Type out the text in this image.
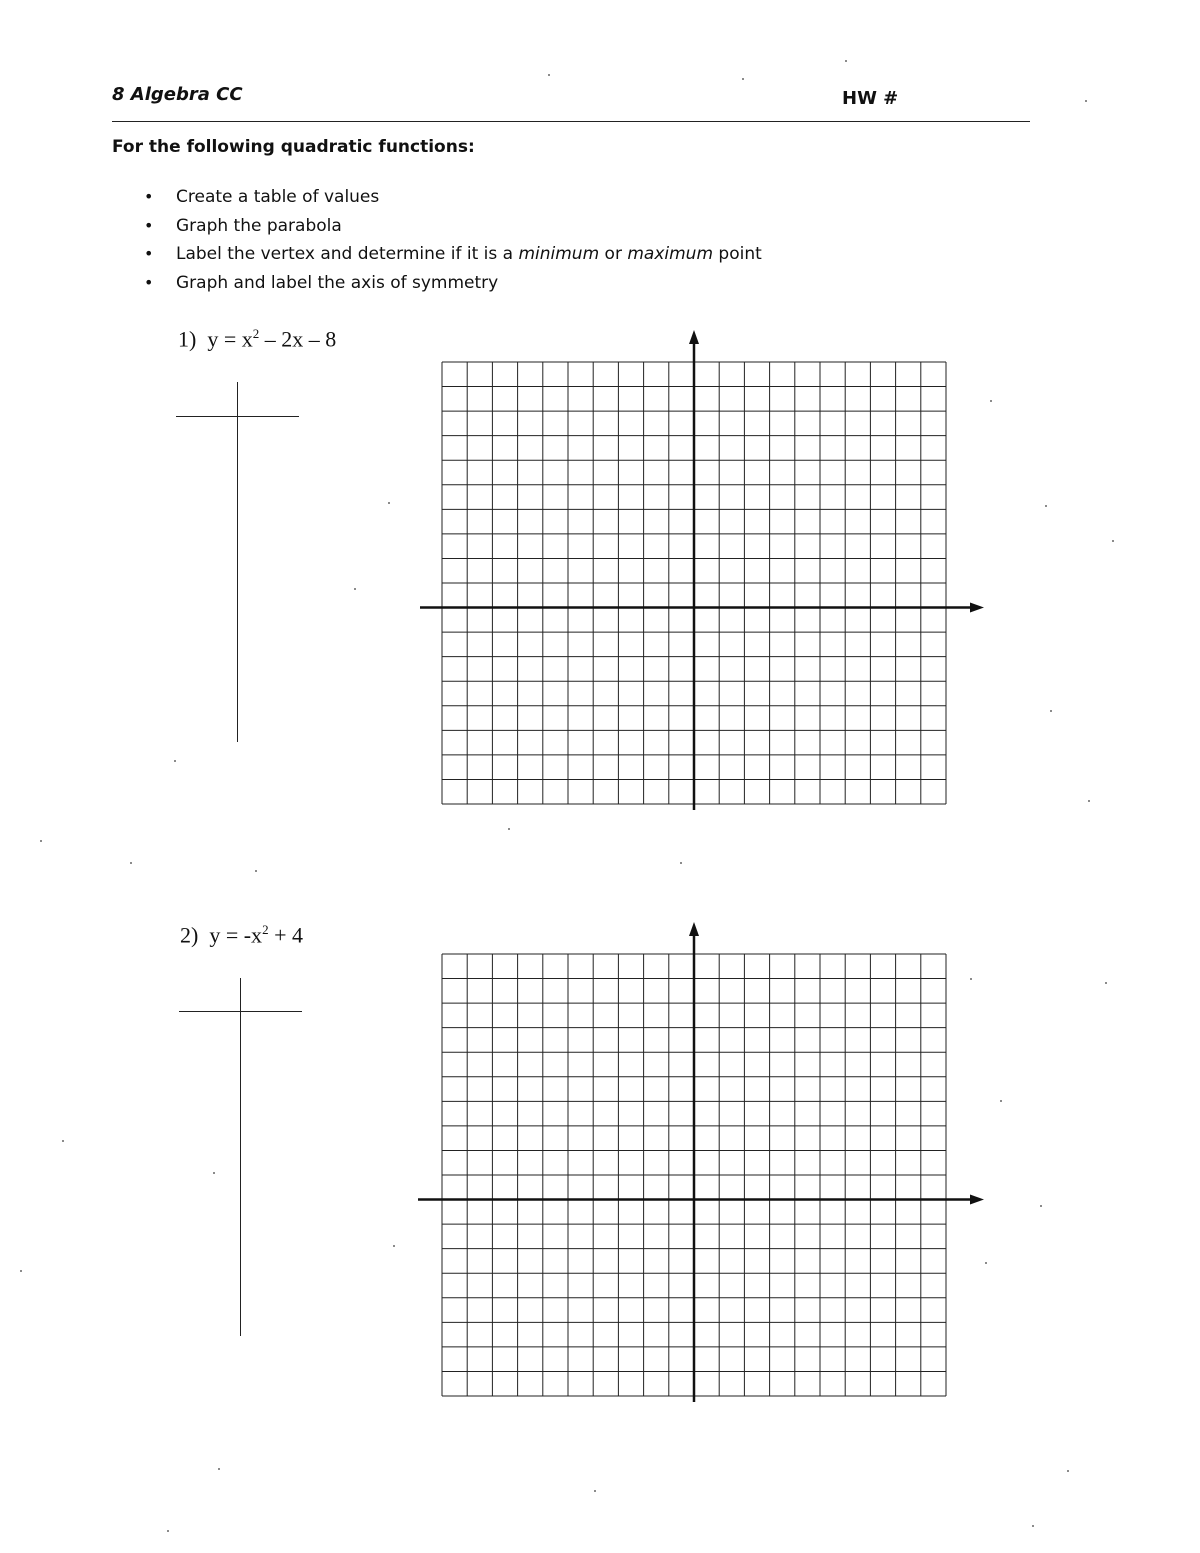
8 Algebra CC	HW #
For the following quadratic functions:
• Create a table of values
• Graph the parabola
• Label the vertex and determine if it is a minimum or maximum point
• Graph and label the axis of symmetry
1) $y = x^2 - 2x - 8$
2) $y = -x^2 + 4$
